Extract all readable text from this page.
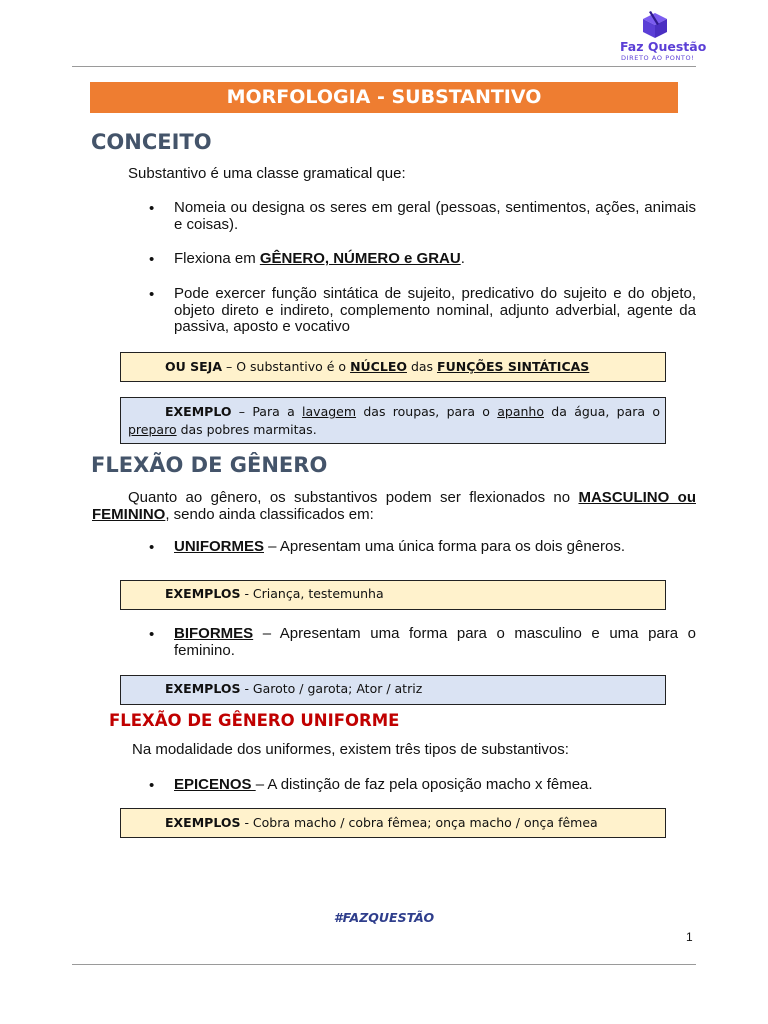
Faz Questão
DIRETO AO PONTO!
MORFOLOGIA - SUBSTANTIVO
CONCEITO
Substantivo é uma classe gramatical que:
• Nomeia ou designa os seres em geral (pessoas, sentimentos, ações, animais e coisas).
• Flexiona em GÊNERO, NÚMERO e GRAU.
• Pode exercer função sintática de sujeito, predicativo do sujeito e do objeto, objeto direto e indireto, complemento nominal, adjunto adverbial, agente da passiva, aposto e vocativo
OU SEJA – O substantivo é o NÚCLEO das FUNÇÕES SINTÁTICAS
EXEMPLO – Para a lavagem das roupas, para o apanho da água, para o preparo das pobres marmitas.
FLEXÃO DE GÊNERO
Quanto ao gênero, os substantivos podem ser flexionados no MASCULINO ou FEMININO, sendo ainda classificados em:
• UNIFORMES – Apresentam uma única forma para os dois gêneros.
EXEMPLOS - Criança, testemunha
• BIFORMES – Apresentam uma forma para o masculino e uma para o feminino.
EXEMPLOS - Garoto / garota; Ator / atriz
FLEXÃO DE GÊNERO UNIFORME
Na modalidade dos uniformes, existem três tipos de substantivos:
• EPICENOS – A distinção de faz pela oposição macho x fêmea.
EXEMPLOS - Cobra macho / cobra fêmea; onça macho / onça fêmea
#FAZQUESTÃO
1
